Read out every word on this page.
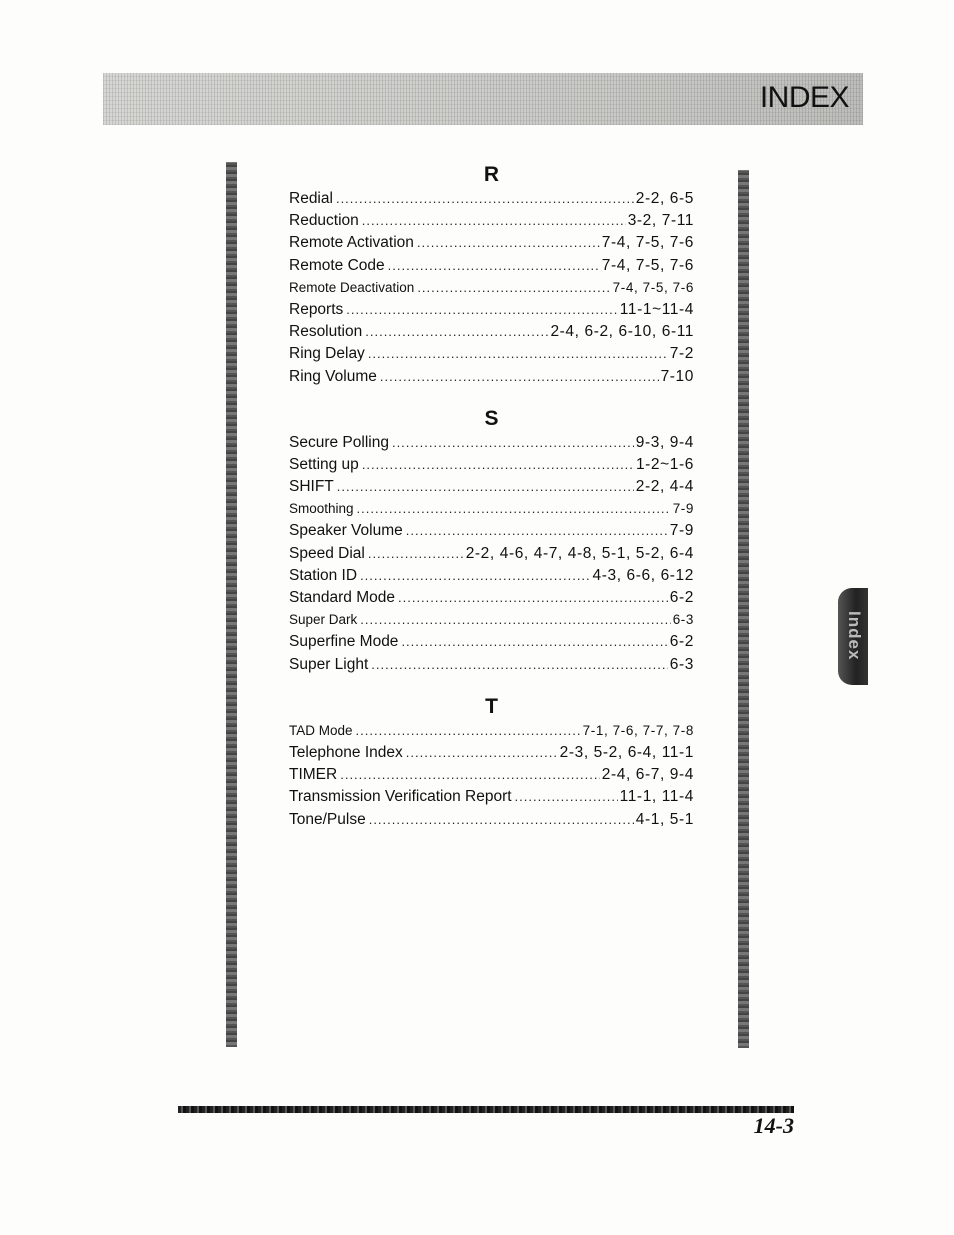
INDEX
Index
R
Redial .....	2-2, 6-5
Reduction .....	3-2, 7-11
Remote Activation .....	7-4, 7-5, 7-6
Remote Code .....	7-4, 7-5, 7-6
Remote Deactivation .....	7-4, 7-5, 7-6
Reports .....	11-1~11-4
Resolution .....	2-4, 6-2, 6-10, 6-11
Ring Delay .....	7-2
Ring Volume .....	7-10
S
Secure Polling .....	9-3, 9-4
Setting up .....	1-2~1-6
SHIFT .....	2-2, 4-4
Smoothing .....	7-9
Speaker Volume .....	7-9
Speed Dial .....	2-2, 4-6, 4-7, 4-8, 5-1, 5-2, 6-4
Station ID .....	4-3, 6-6, 6-12
Standard Mode .....	6-2
Super Dark .....	6-3
Superfine Mode .....	6-2
Super Light .....	6-3
T
TAD Mode .....	7-1, 7-6, 7-7, 7-8
Telephone Index .....	2-3, 5-2, 6-4, 11-1
TIMER .....	2-4, 6-7, 9-4
Transmission Verification Report .....	11-1, 11-4
Tone/Pulse .....	4-1, 5-1
14-3
